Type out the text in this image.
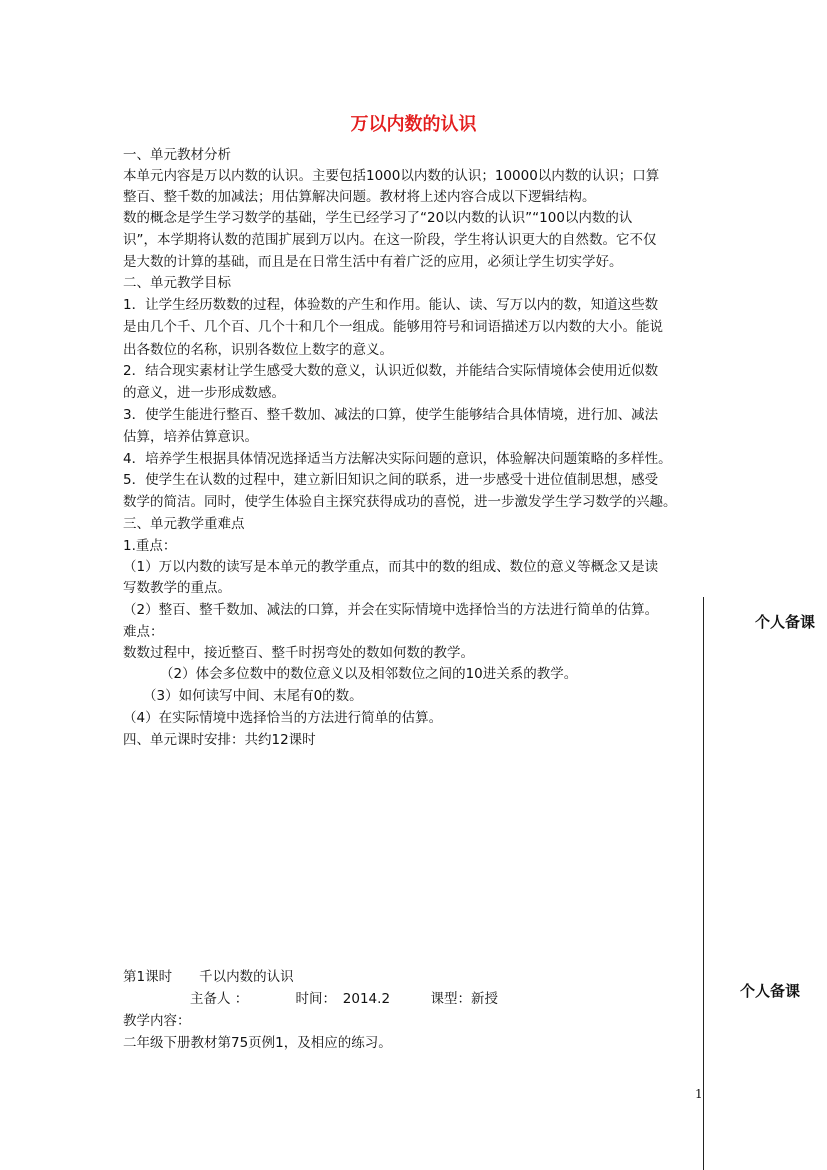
万以内数的认识
一、单元教材分析
本单元内容是万以内数的认识。主要包括1000以内数的认识；10000以内数的认识；口算
整百、整千数的加减法；用估算解决问题。教材将上述内容合成以下逻辑结构。
数的概念是学生学习数学的基础，学生已经学习了“20以内数的认识”“100以内数的认
识”，本学期将认数的范围扩展到万以内。在这一阶段，学生将认识更大的自然数。它不仅
是大数的计算的基础，而且是在日常生活中有着广泛的应用，必须让学生切实学好。
二、单元教学目标
1．让学生经历数数的过程，体验数的产生和作用。能认、读、写万以内的数，知道这些数
是由几个千、几个百、几个十和几个一组成。能够用符号和词语描述万以内数的大小。能说
出各数位的名称，识别各数位上数字的意义。
2．结合现实素材让学生感受大数的意义，认识近似数，并能结合实际情境体会使用近似数
的意义，进一步形成数感。
3．使学生能进行整百、整千数加、减法的口算，使学生能够结合具体情境，进行加、减法
估算，培养估算意识。
4．培养学生根据具体情况选择适当方法解决实际问题的意识，体验解决问题策略的多样性。
5．使学生在认数的过程中，建立新旧知识之间的联系，进一步感受十进位值制思想，感受
数学的简洁。同时，使学生体验自主探究获得成功的喜悦，进一步激发学生学习数学的兴趣。
三、单元教学重难点
1.重点：
（1）万以内数的读写是本单元的教学重点，而其中的数的组成、数位的意义等概念又是读
写数教学的重点。
（2）整百、整千数加、减法的口算，并会在实际情境中选择恰当的方法进行简单的估算。
难点：
数数过程中，接近整百、整千时拐弯处的数如何数的教学。
（2）体会多位数中的数位意义以及相邻数位之间的10进关系的教学。
（3）如何读写中间、末尾有0的数。
（4）在实际情境中选择恰当的方法进行简单的估算。
四、单元课时安排：共约12课时
第1课时　　千以内数的认识
主备人 ：　　　　时间：　2014.2　　　课型：新授
教学内容：
二年级下册教材第75页例1，及相应的练习。
个人备课
个人备课
1
